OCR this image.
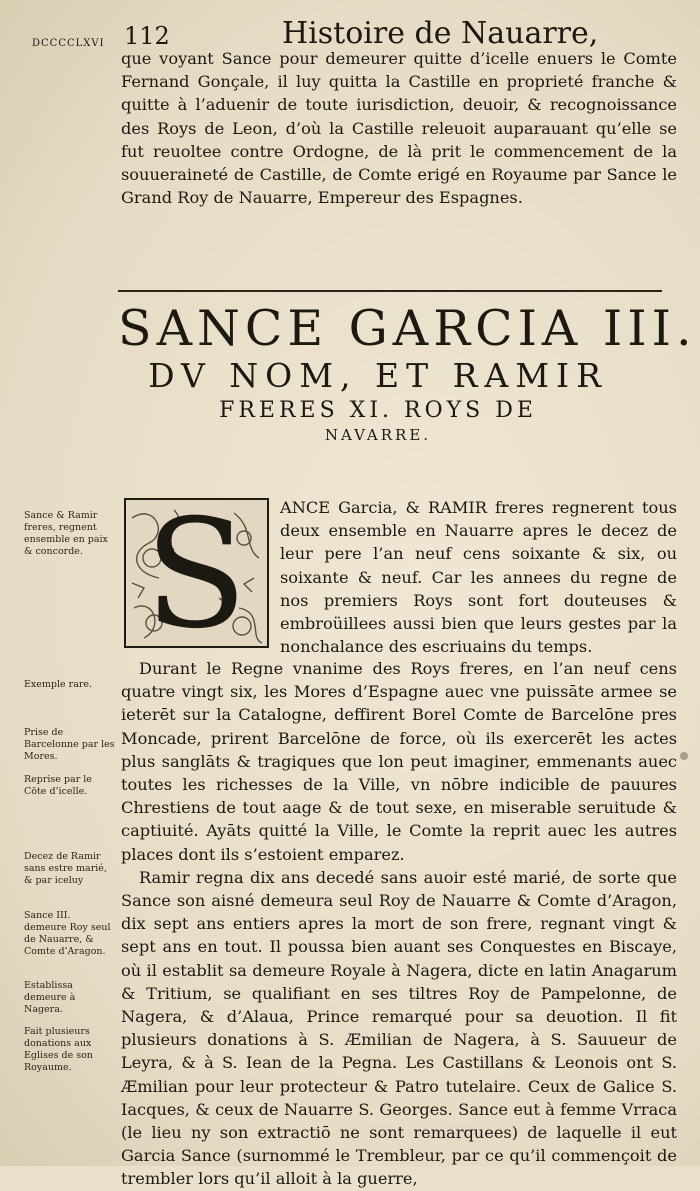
DCCCCLXVI 112	Histoire de Nauarre,

que voyant Sance pour demeurer quitte d’icelle enuers le Comte Fernand Gonçale, il luy quitta la Castille en proprieté franche & quitte à l’aduenir de toute iurisdiction, deuoir, & recognoissance des Roys de Leon, d’où la Castille releuoit auparauant qu’elle se fut reuoltee contre Ordogne, de là prit le commencement de la souueraineté de Castille, de Comte erigé en Royaume par Sance le Grand Roy de Nauarre, Empereur des Espagnes.

SANCE GARCIA III.
DV NOM, ET RAMIR
FRERES XI. ROYS DE
NAVARRE.
S ANCE Garcia, & RAMIR freres regnerent tous deux ensemble en Nauarre apres le decez de leur pere l’an neuf cens soixante & six, ou soixante & neuf. Car les annees du regne de nos premiers Roys sont fort douteuses & embroüillees aussi bien que leurs gestes par la nonchalance des escriuains du temps.

Durant le Regne vnanime des Roys freres, en l’an neuf cens quatre vingt six, les Mores d’Espagne auec vne puissāte armee se ieterēt sur la Catalogne, deffirent Borel Comte de Barcelōne pres Moncade, prirent Barcelōne de force, où ils exercerēt les actes plus sanglāts & tragiques que lon peut imaginer, emmenants auec toutes les richesses de la Ville, vn nōbre indicible de pauures Chrestiens de tout aage & de tout sexe, en miserable seruitude & captiuité. Ayāts quitté la Ville, le Comte la reprit auec les autres places dont ils s’estoient emparez.

Ramir regna dix ans decedé sans auoir esté marié, de sorte que Sance son aisné demeura seul Roy de Nauarre & Comte d’Aragon, dix sept ans entiers apres la mort de son frere, regnant vingt & sept ans en tout. Il poussa bien auant ses Conquestes en Biscaye, où il establit sa demeure Royale à Nagera, dicte en latin Anagarum & Tritium, se qualifiant en ses tiltres Roy de Pampelonne, de Nagera, & d’Alaua, Prince remarqué pour sa deuotion. Il fit plusieurs donations à S. Æmilian de Nagera, à S. Sauueur de Leyra, & à S. Iean de la Pegna. Les Castillans & Leonois ont S. Æmilian pour leur protecteur & Patro tutelaire. Ceux de Galice S. Iacques, & ceux de Nauarre S. Georges. Sance eut à femme Vrraca (le lieu ny son extractiō ne sont remarquees) de laquelle il eut Garcia Sance (surnommé le Trembleur, par ce qu’il commençoit de trembler lors qu’il alloit à la guerre,

Sance & Ramir freres, regnent ensemble en paix & concorde.
Exemple rare.
Prise de Barcelonne par les Mores.
Reprise par le Cōte d’icelle.
Decez de Ramir sans estre marié, & par iceluy
Sance III. demeure Roy seul de Nauarre, & Comte d’Aragon.
Establissa demeure à Nagera.
Fait plusieurs donations aux Eglises de son Royaume.
